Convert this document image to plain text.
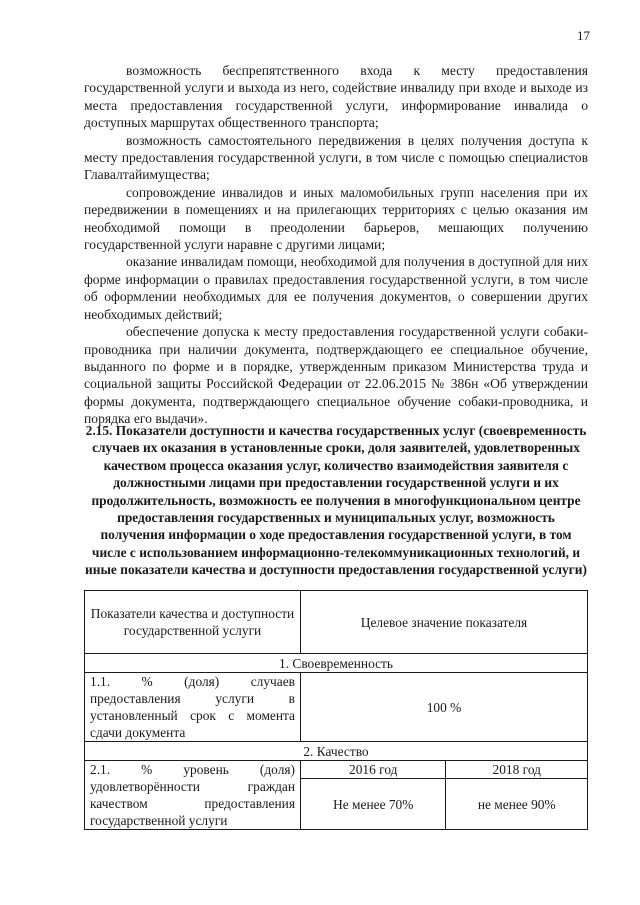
17

возможность беспрепятственного входа к месту предоставления государственной услуги и выхода из него, содействие инвалиду при входе и выходе из места предоставления государственной услуги, информирование инвалида о доступных маршрутах общественного транспорта;

возможность самостоятельного передвижения в целях получения доступа к месту предоставления государственной услуги, в том числе с помощью специалистов Главалтайимущества;

сопровождение инвалидов и иных маломобильных групп населения при их передвижении в помещениях и на прилегающих территориях с целью оказания им необходимой помощи в преодолении барьеров, мешающих получению государственной услуги наравне с другими лицами;

оказание инвалидам помощи, необходимой для получения в доступной для них форме информации о правилах предоставления государственной услуги, в том числе об оформлении необходимых для ее получения документов, о совершении других необходимых действий;

обеспечение допуска к месту предоставления государственной услуги собаки-проводника при наличии документа, подтверждающего ее специальное обучение, выданного по форме и в порядке, утвержденным приказом Министерства труда и социальной защиты Российской Федерации от 22.06.2015 № 386н «Об утверждении формы документа, подтверждающего специальное обучение собаки-проводника, и порядка его выдачи».

2.15. Показатели доступности и качества государственных услуг (своевременность случаев их оказания в установленные сроки, доля заявителей, удовлетворенных качеством процесса оказания услуг, количество взаимодействия заявителя с должностными лицами при предоставлении государственной услуги и их продолжительность, возможность ее получения в многофункциональном центре предоставления государственных и муниципальных услуг, возможность получения информации о ходе предоставления государственной услуги, в том числе с использованием информационно-телекоммуникационных технологий, и иные показатели качества и доступности предоставления государственной услуги)

Показатели качества и доступности государственной услуги	Целевое значение показателя	
1. Своевременность		
1.1. % (доля) случаев предоставления услуги в установленный срок с момента сдачи документа	100 %	
2. Качество		
2.1. % уровень (доля) удовлетворённости граждан качеством предоставления государственной услуги	2016 год	2018 год
	Не менее 70%	не менее 90%
